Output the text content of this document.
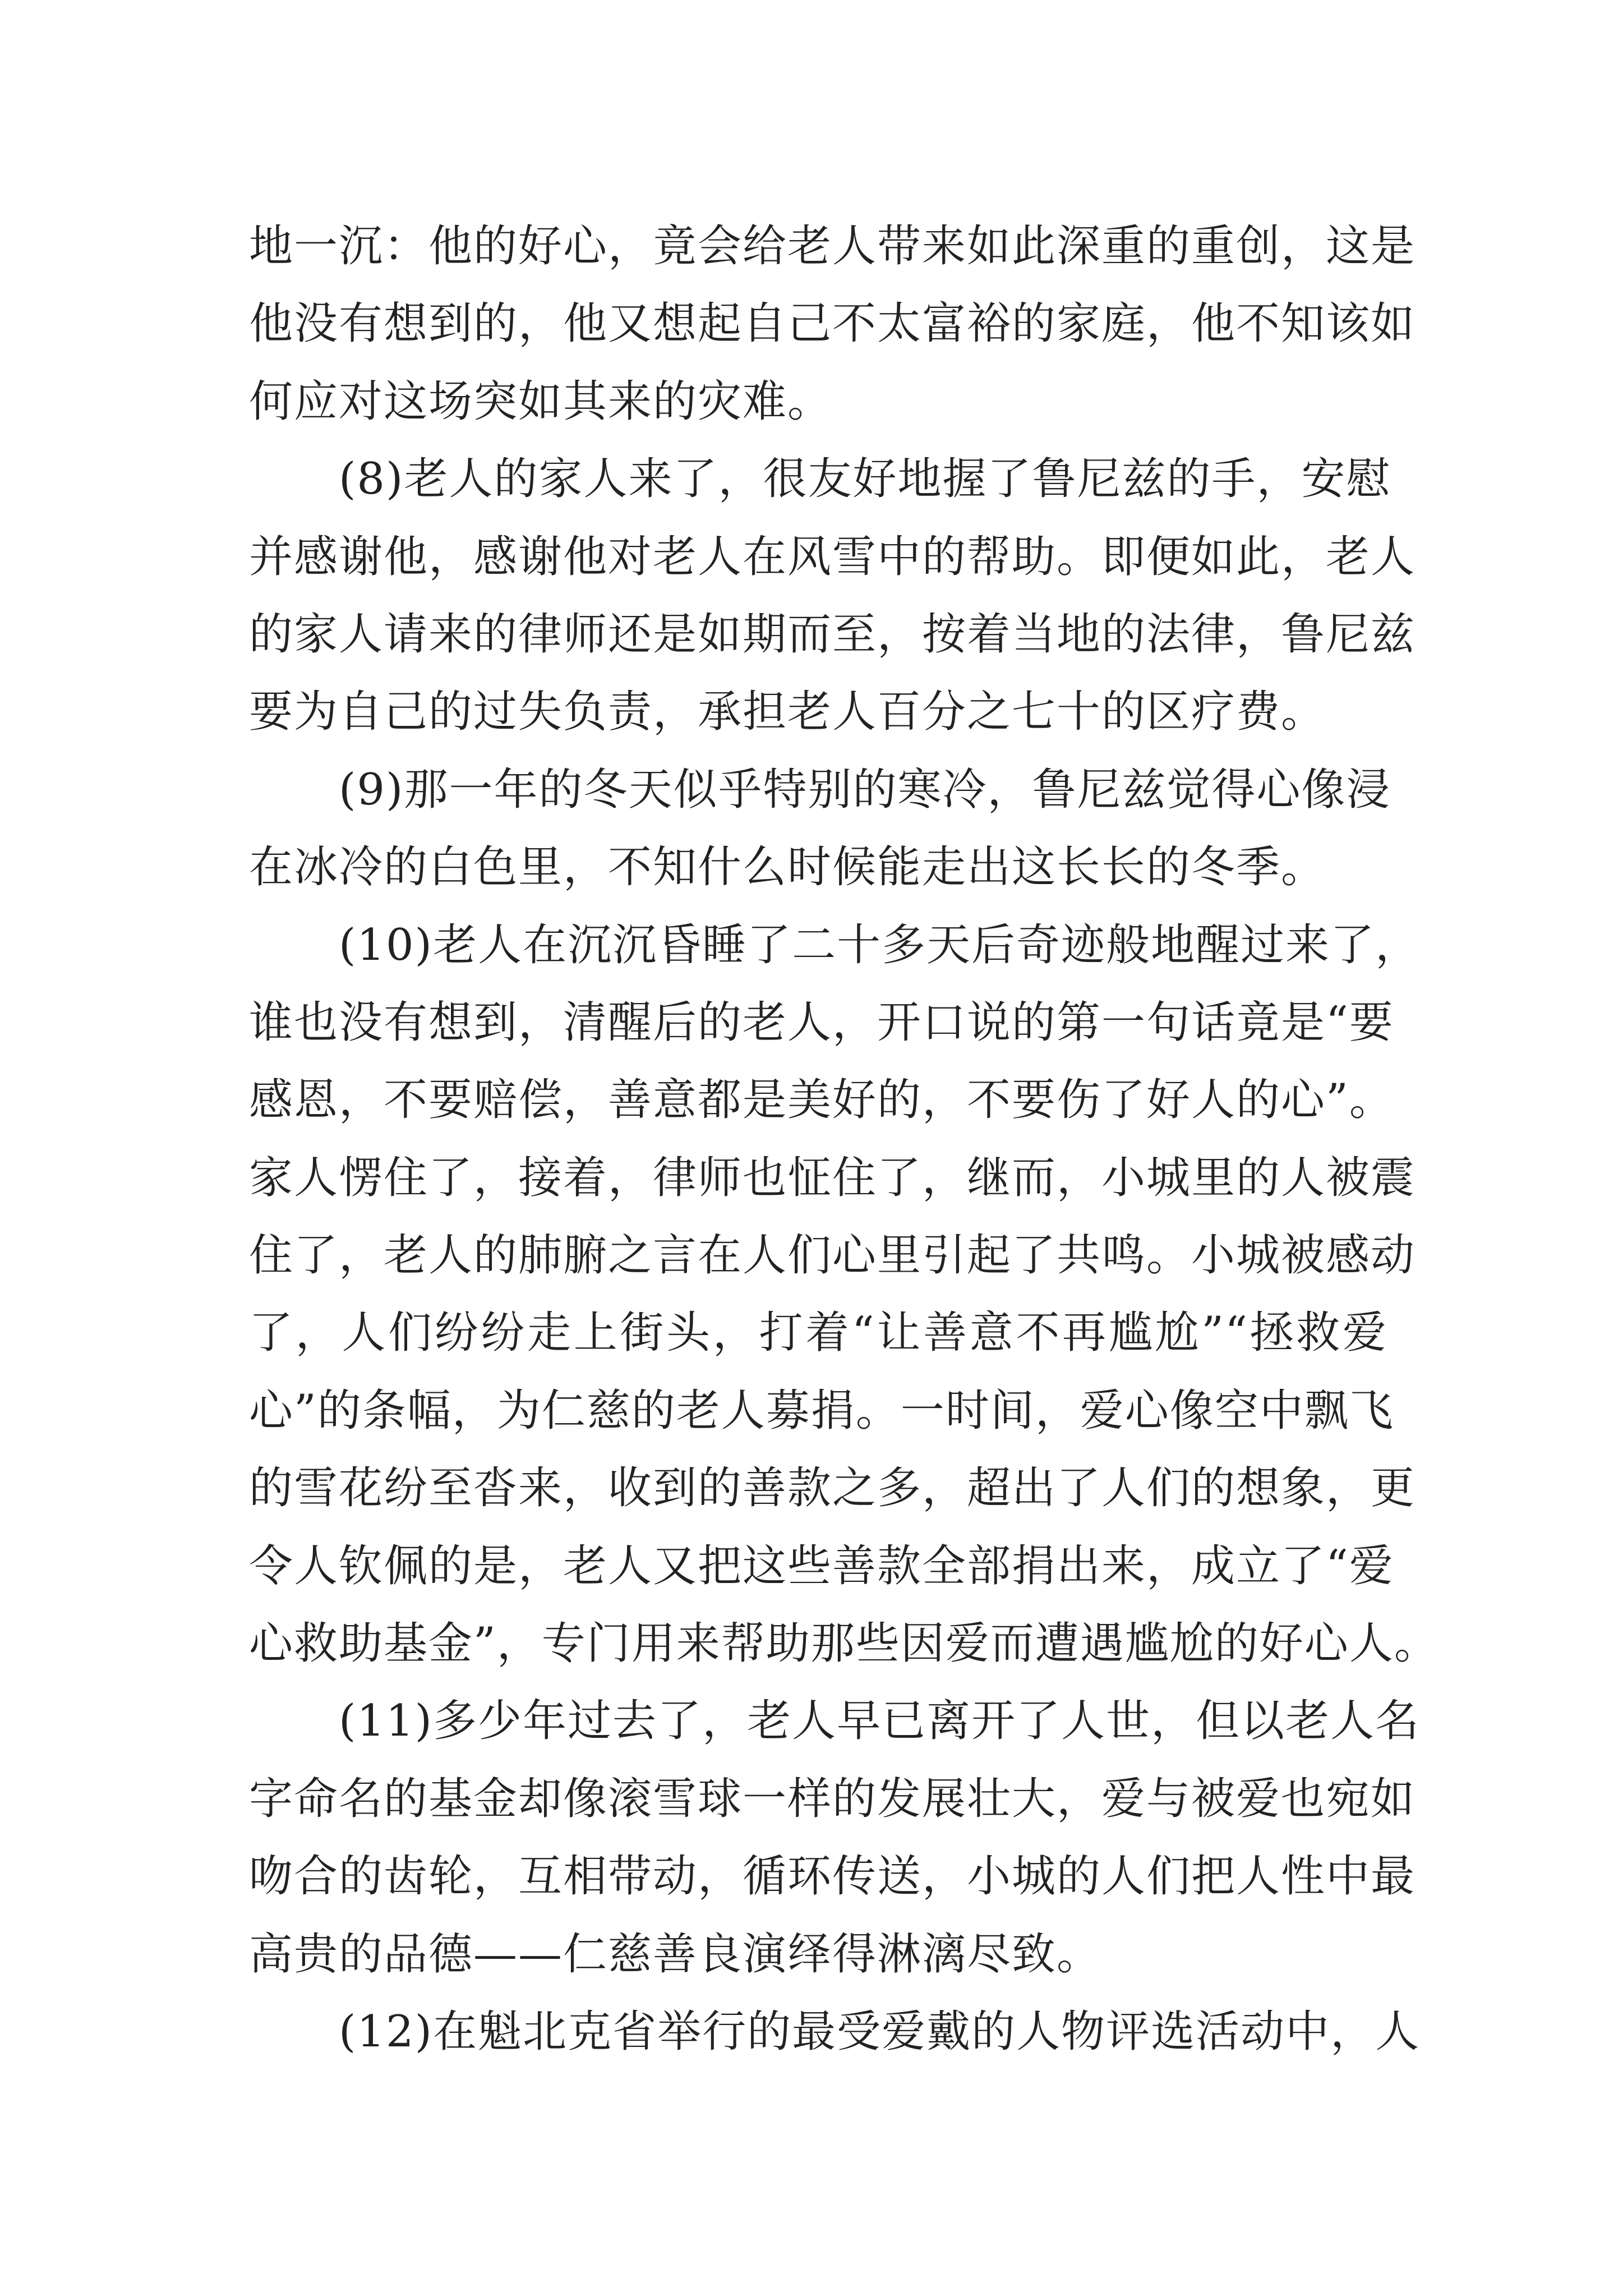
地一沉：他的好心，竟会给老人带来如此深重的重创，这是
他没有想到的，他又想起自己不太富裕的家庭，他不知该如
何应对这场突如其来的灾难。
(8)老人的家人来了，很友好地握了鲁尼兹的手，安慰
并感谢他，感谢他对老人在风雪中的帮助。即便如此，老人
的家人请来的律师还是如期而至，按着当地的法律，鲁尼兹
要为自己的过失负责，承担老人百分之七十的区疗费。
(9)那一年的冬天似乎特别的寒冷，鲁尼兹觉得心像浸
在冰冷的白色里，不知什么时候能走出这长长的冬季。
(10)老人在沉沉昏睡了二十多天后奇迹般地醒过来了，
谁也没有想到，清醒后的老人，开口说的第一句话竟是“要
感恩，不要赔偿，善意都是美好的，不要伤了好人的心”。
家人愣住了，接着，律师也怔住了，继而，小城里的人被震
住了，老人的肺腑之言在人们心里引起了共鸣。小城被感动
了，人们纷纷走上街头，打着“让善意不再尴尬”“拯救爱
心”的条幅，为仁慈的老人募捐。一时间，爱心像空中飘飞
的雪花纷至沓来，收到的善款之多，超出了人们的想象，更
令人钦佩的是，老人又把这些善款全部捐出来，成立了“爱
心救助基金”，专门用来帮助那些因爱而遭遇尴尬的好心人。
(11)多少年过去了，老人早已离开了人世，但以老人名
字命名的基金却像滚雪球一样的发展壮大，爱与被爱也宛如
吻合的齿轮，互相带动，循环传送，小城的人们把人性中最
高贵的品德——仁慈善良演绎得淋漓尽致。
(12)在魁北克省举行的最受爱戴的人物评选活动中，人
